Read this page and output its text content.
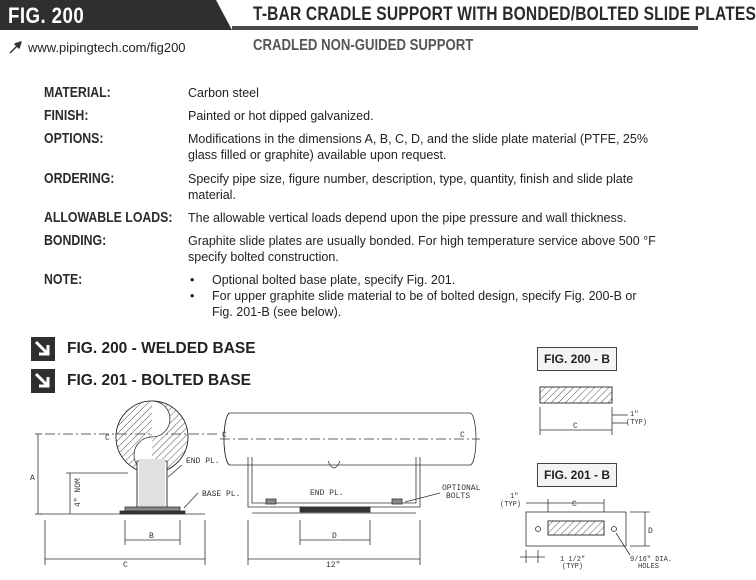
FIG. 200	T-BAR CRADLE SUPPORT WITH BONDED/BOLTED SLIDE PLATES
CRADLED NON-GUIDED SUPPORT
www.pipingtech.com/fig200
MATERIAL:	Carbon steel
FINISH:	Painted or hot dipped galvanized.
OPTIONS:	Modifications in the dimensions A, B, C, D, and the slide plate material (PTFE, 25% glass filled or graphite) available upon request.
ORDERING:	Specify pipe size, figure number, description, type, quantity, finish and slide plate material.
ALLOWABLE LOADS: The allowable vertical loads depend upon the pipe pressure and wall thickness.
BONDING:	Graphite slide plates are usually bonded. For high temperature service above 500 °F specify bolted construction.
NOTE:
•	Optional bolted base plate, specify Fig. 201.
• For upper graphite slide material to be of bolted design, specify Fig. 200-B or Fig. 201-B (see below).
FIG. 200 - WELDED BASE
FIG. 201 - BOLTED BASE
FIG. 200 - B
FIG. 201 - B
C
END PL.
BASE PL.
A	4" NOM
B
C
C	C
END PL.
OPTIONAL
BOLTS
D
12"
C
1"
(TYP)
1"
(TYP)	C
D
1 1/2"
(TYP)
9/16" DIA.
HOLES
